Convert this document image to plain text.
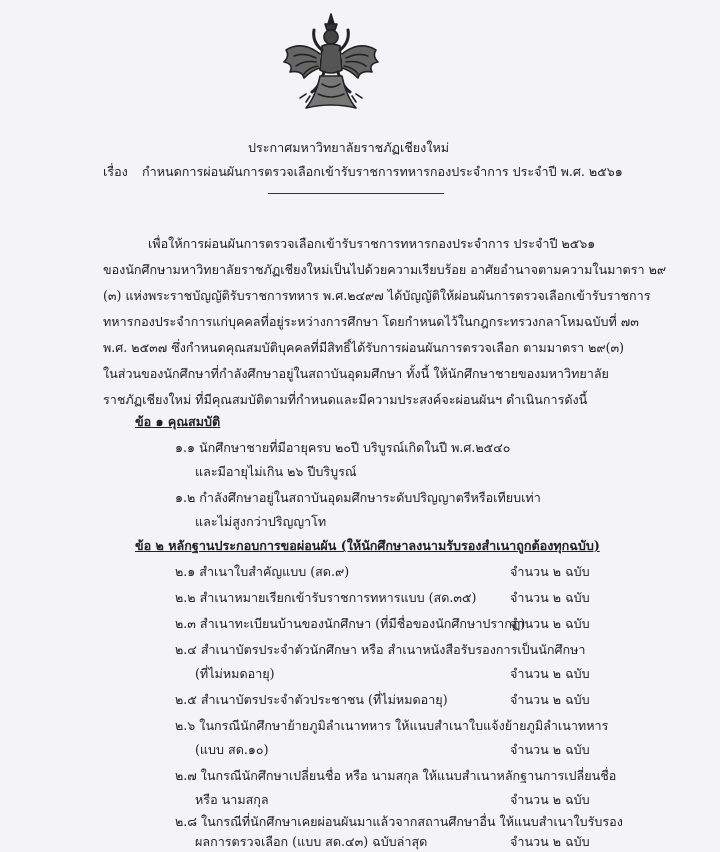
ประกาศมหาวิทยาลัยราชภัฏเชียงใหม่
เรื่อง กำหนดการผ่อนผันการตรวจเลือกเข้ารับราชการทหารกองประจำการ ประจำปี พ.ศ. ๒๕๖๑
เพื่อให้การผ่อนผันการตรวจเลือกเข้ารับราชการทหารกองประจำการ ประจำปี ๒๕๖๑
ของนักศึกษามหาวิทยาลัยราชภัฏเชียงใหม่เป็นไปด้วยความเรียบร้อย อาศัยอำนาจตามความในมาตรา ๒๙
(๓) แห่งพระราชบัญญัติรับราชการทหาร พ.ศ.๒๔๙๗ ได้บัญญัติให้ผ่อนผันการตรวจเลือกเข้ารับราชการ
ทหารกองประจำการแก่บุคคลที่อยู่ระหว่างการศึกษา โดยกำหนดไว้ในกฎกระทรวงกลาโหมฉบับที่ ๗๓
พ.ศ. ๒๕๓๗ ซึ่งกำหนดคุณสมบัติบุคคลที่มีสิทธิ์ได้รับการผ่อนผันการตรวจเลือก ตามมาตรา ๒๙(๓)
ในส่วนของนักศึกษาที่กำลังศึกษาอยู่ในสถาบันอุดมศึกษา ทั้งนี้ ให้นักศึกษาชายของมหาวิทยาลัย
ราชภัฏเชียงใหม่ ที่มีคุณสมบัติตามที่กำหนดและมีความประสงค์จะผ่อนผันฯ ดำเนินการดังนี้
ข้อ ๑ คุณสมบัติ
๑.๑ นักศึกษาชายที่มีอายุครบ ๒๐ปี บริบูรณ์เกิดในปี พ.ศ.๒๕๔๐
และมีอายุไม่เกิน ๒๖ ปีบริบูรณ์
๑.๒ กำลังศึกษาอยู่ในสถาบันอุดมศึกษาระดับปริญญาตรีหรือเทียบเท่า
และไม่สูงกว่าปริญญาโท
ข้อ ๒ หลักฐานประกอบการขอผ่อนผัน (ให้นักศึกษาลงนามรับรองสำเนาถูกต้องทุกฉบับ)
๒.๑ สำเนาใบสำคัญแบบ (สด.๙)	จำนวน ๒ ฉบับ
๒.๒ สำเนาหมายเรียกเข้ารับราชการทหารแบบ (สด.๓๕)	จำนวน ๒ ฉบับ
๒.๓ สำเนาทะเบียนบ้านของนักศึกษา (ที่มีชื่อของนักศึกษาปรากฏ)
จำนวน ๒ ฉบับ
๒.๔ สำเนาบัตรประจำตัวนักศึกษา หรือ สำเนาหนังสือรับรองการเป็นนักศึกษา
(ที่ไม่หมดอายุ)	จำนวน ๒ ฉบับ
๒.๕ สำเนาบัตรประจำตัวประชาชน (ที่ไม่หมดอายุ)	จำนวน ๒ ฉบับ
๒.๖ ในกรณีนักศึกษาย้ายภูมิลำเนาทหาร ให้แนบสำเนาใบแจ้งย้ายภูมิลำเนาทหาร
(แบบ สด.๑๐)	จำนวน ๒ ฉบับ
๒.๗ ในกรณีนักศึกษาเปลี่ยนชื่อ หรือ นามสกุล ให้แนบสำเนาหลักฐานการเปลี่ยนชื่อ
หรือ นามสกุล	จำนวน ๒ ฉบับ
๒.๘ ในกรณีที่นักศึกษาเคยผ่อนผันมาแล้วจากสถานศึกษาอื่น ให้แนบสำเนาใบรับรอง
ผลการตรวจเลือก (แบบ สด.๔๓) ฉบับล่าสุด	จำนวน ๒ ฉบับ
